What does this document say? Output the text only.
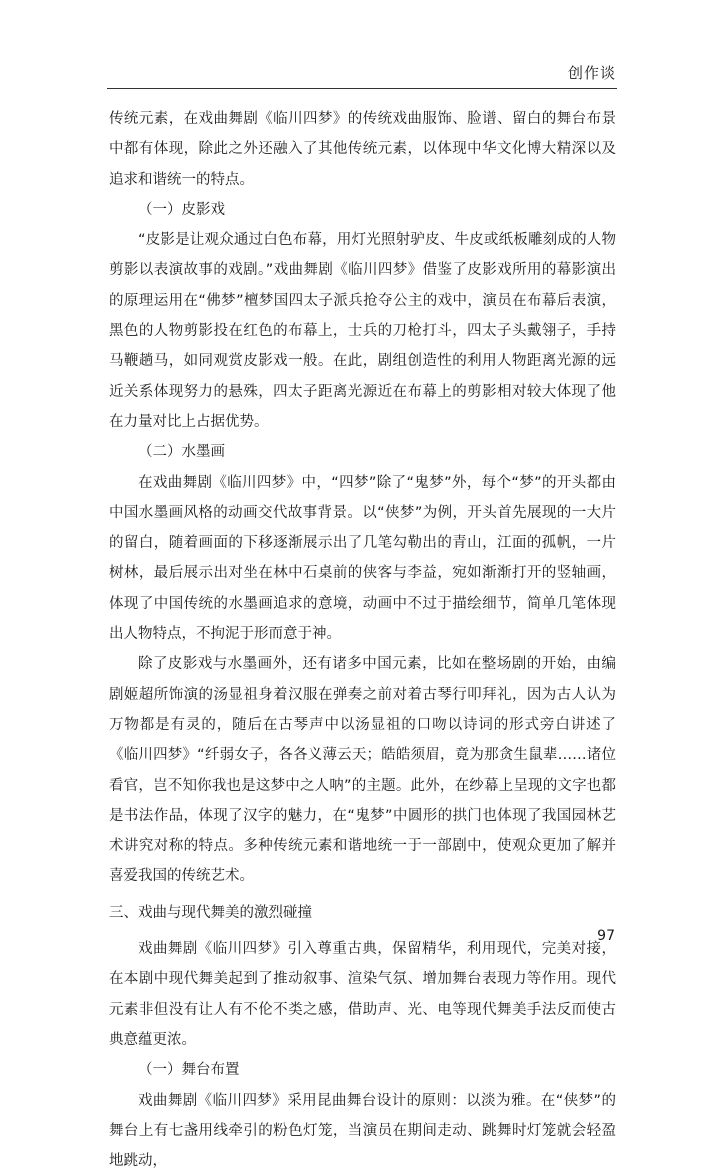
创作谈

传统元素，在戏曲舞剧《临川四梦》的传统戏曲服饰、脸谱、留白的舞台布景中都有体现，除此之外还融入了其他传统元素，以体现中华文化博大精深以及追求和谐统一的特点。

（一）皮影戏

“皮影是让观众通过白色布幕，用灯光照射驴皮、牛皮或纸板雕刻成的人物剪影以表演故事的戏剧。”戏曲舞剧《临川四梦》借鉴了皮影戏所用的幕影演出的原理运用在“佛梦”檀梦国四太子派兵抢夺公主的戏中，演员在布幕后表演，黑色的人物剪影投在红色的布幕上，士兵的刀枪打斗，四太子头戴翎子，手持马鞭趟马，如同观赏皮影戏一般。在此，剧组创造性的利用人物距离光源的远近关系体现努力的悬殊，四太子距离光源近在布幕上的剪影相对较大体现了他在力量对比上占据优势。

（二）水墨画

在戏曲舞剧《临川四梦》中，“四梦”除了“鬼梦”外，每个“梦”的开头都由中国水墨画风格的动画交代故事背景。以“侠梦”为例，开头首先展现的一大片的留白，随着画面的下移逐渐展示出了几笔勾勒出的青山，江面的孤帆，一片树林，最后展示出对坐在林中石桌前的侠客与李益，宛如渐渐打开的竖轴画，体现了中国传统的水墨画追求的意境，动画中不过于描绘细节，简单几笔体现出人物特点，不拘泥于形而意于神。

除了皮影戏与水墨画外，还有诸多中国元素，比如在整场剧的开始，由编剧姬超所饰演的汤显祖身着汉服在弹奏之前对着古琴行叩拜礼，因为古人认为万物都是有灵的，随后在古琴声中以汤显祖的口吻以诗词的形式旁白讲述了《临川四梦》“纤弱女子，各各义薄云天；皓皓须眉，竟为那贪生鼠辈……诸位看官，岂不知你我也是这梦中之人呐”的主题。此外，在纱幕上呈现的文字也都是书法作品，体现了汉字的魅力，在“鬼梦”中圆形的拱门也体现了我国园林艺术讲究对称的特点。多种传统元素和谐地统一于一部剧中，使观众更加了解并喜爱我国的传统艺术。

三、戏曲与现代舞美的激烈碰撞

戏曲舞剧《临川四梦》引入尊重古典，保留精华，利用现代，完美对接，在本剧中现代舞美起到了推动叙事、渲染气氛、增加舞台表现力等作用。现代元素非但没有让人有不伦不类之感，借助声、光、电等现代舞美手法反而使古典意蕴更浓。

（一）舞台布置

戏曲舞剧《临川四梦》采用昆曲舞台设计的原则：以淡为雅。在“侠梦”的舞台上有七盏用线牵引的粉色灯笼，当演员在期间走动、跳舞时灯笼就会轻盈地跳动，

97
